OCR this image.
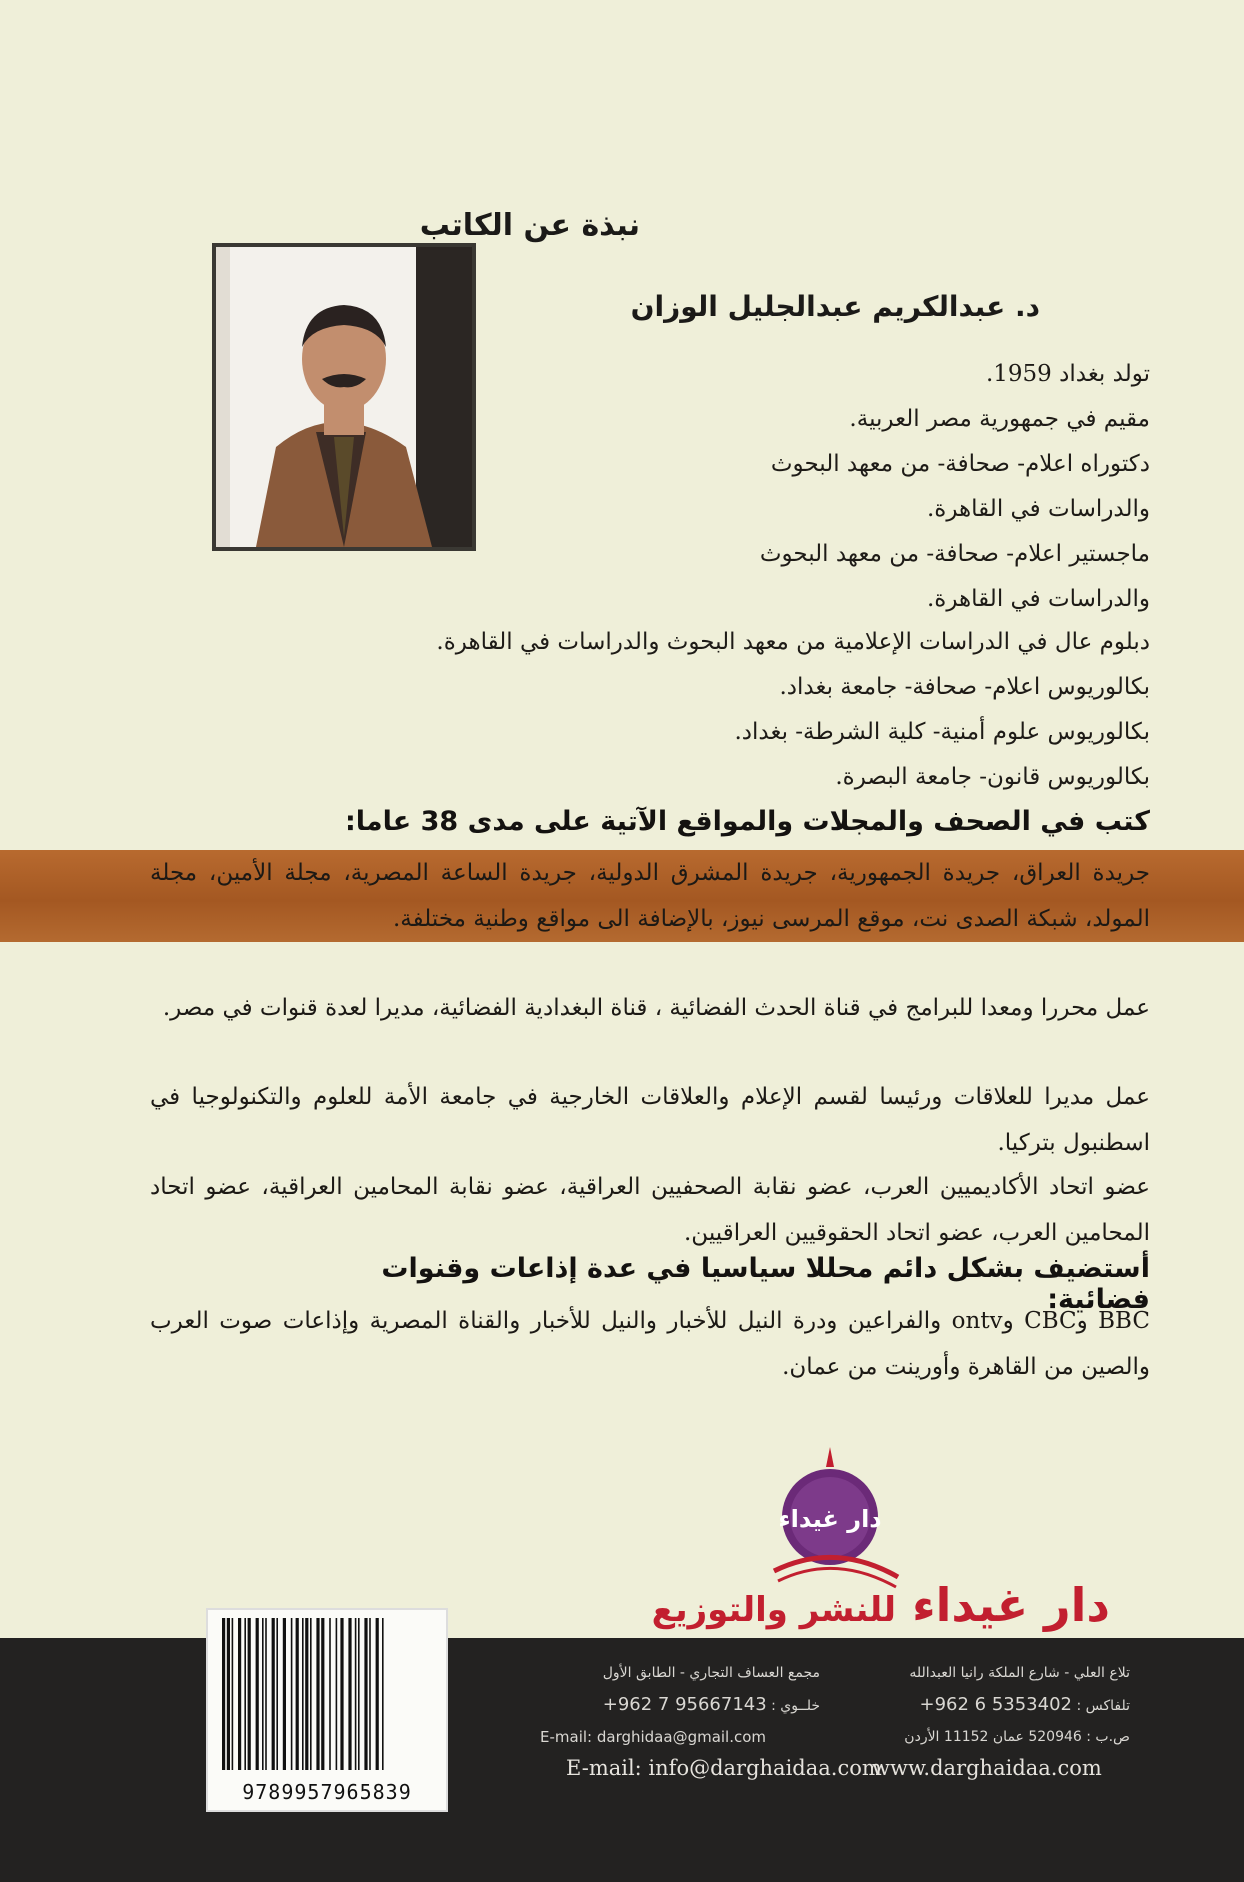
نبذة عن الكاتب
د. عبدالكريم عبدالجليل الوزان
تولد بغداد 1959.
مقيم في جمهورية مصر العربية.
دكتوراه اعلام- صحافة- من معهد البحوث
والدراسات في القاهرة.
ماجستير اعلام- صحافة- من معهد البحوث
والدراسات في القاهرة.
دبلوم عال في الدراسات الإعلامية من معهد البحوث والدراسات في القاهرة.
بكالوريوس اعلام- صحافة- جامعة بغداد.
بكالوريوس علوم أمنية- كلية الشرطة- بغداد.
بكالوريوس قانون- جامعة البصرة.
كتب في الصحف والمجلات والمواقع الآتية على مدى 38 عاما:
جريدة العراق، جريدة الجمهورية، جريدة المشرق الدولية، جريدة الساعة المصرية، مجلة الأمين، مجلة المولد، شبكة الصدى نت، موقع المرسى نيوز، بالإضافة الى مواقع وطنية مختلفة.
عمل محررا ومعدا للبرامج في قناة الحدث الفضائية ، قناة البغدادية الفضائية، مديرا لعدة قنوات في مصر.
عمل مديرا للعلاقات ورئيسا لقسم الإعلام والعلاقات الخارجية في جامعة الأمة للعلوم والتكنولوجيا في اسطنبول بتركيا.
عضو اتحاد الأكاديميين العرب، عضو نقابة الصحفيين العراقية، عضو نقابة المحامين العراقية، عضو اتحاد المحامين العرب، عضو اتحاد الحقوقيين العراقيين.
أستضيف بشكل دائم محللا سياسيا في عدة إذاعات وقنوات فضائية:
BBC وCBC وontv والفراعين ودرة النيل للأخبار والنيل للأخبار والقناة المصرية وإذاعات صوت العرب والصين من القاهرة وأورينت من عمان.
دار غيداء
دار غيداء للنشر والتوزيع
9789957965839
تلاع العلي - شارع الملكة رانيا العبدالله
تلفاكس : +962 6 5353402
ص.ب : 520946 عمان 11152 الأردن
مجمع العساف التجاري - الطابق الأول
خلــوي : +962 7 95667143
E-mail: darghidaa@gmail.com
www.darghaidaa.com
E-mail: info@darghaidaa.com
